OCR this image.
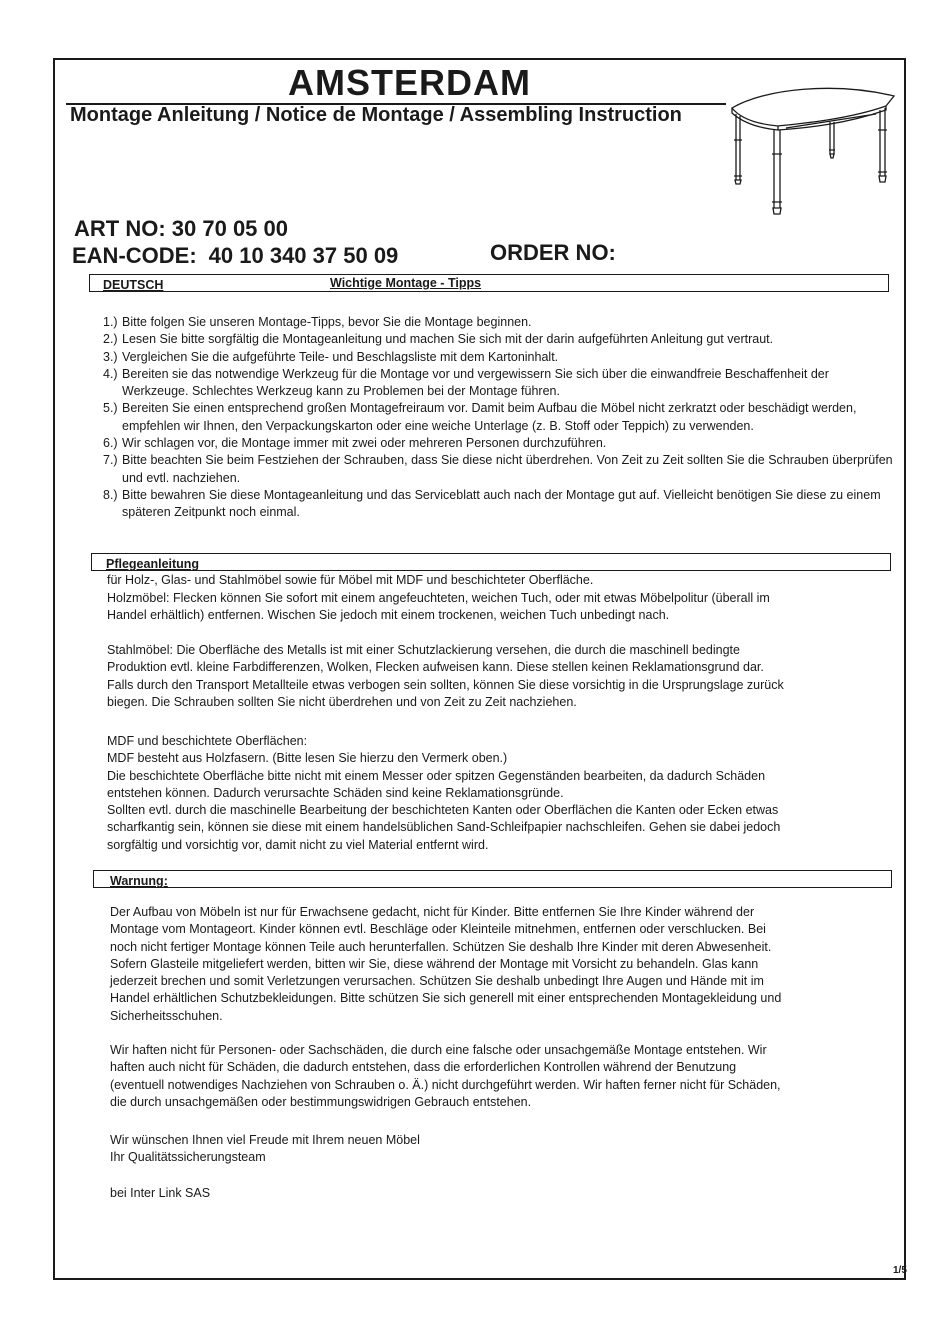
AMSTERDAM
Montage Anleitung / Notice de Montage / Assembling Instruction
ART NO: 30 70 05 00
EAN-CODE: 40 10 340 37 50 09	ORDER NO:
DEUTSCH	Wichtige Montage - Tipps
1.) Bitte folgen Sie unseren Montage-Tipps, bevor Sie die Montage beginnen.
2.) Lesen Sie bitte sorgfältig die Montageanleitung und machen Sie sich mit der darin aufgeführten Anleitung gut vertraut.
3.) Vergleichen Sie die aufgeführte Teile- und Beschlagsliste mit dem Kartoninhalt.
4.) Bereiten sie das notwendige Werkzeug für die Montage vor und vergewissern Sie sich über die einwandfreie Beschaffenheit der Werkzeuge. Schlechtes Werkzeug kann zu Problemen bei der Montage führen.
5.) Bereiten Sie einen entsprechend großen Montagefreiraum vor. Damit beim Aufbau die Möbel nicht zerkratzt oder beschädigt werden, empfehlen wir Ihnen, den Verpackungskarton oder eine weiche Unterlage (z. B. Stoff oder Teppich) zu verwenden.
6.) Wir schlagen vor, die Montage immer mit zwei oder mehreren Personen durchzuführen.
7.) Bitte beachten Sie beim Festziehen der Schrauben, dass Sie diese nicht überdrehen. Von Zeit zu Zeit sollten Sie die Schrauben überprüfen und evtl. nachziehen.
8.) Bitte bewahren Sie diese Montageanleitung und das Serviceblatt auch nach der Montage gut auf. Vielleicht benötigen Sie diese zu einem späteren Zeitpunkt noch einmal.
Pflegeanleitung
für Holz-, Glas- und Stahlmöbel sowie für Möbel mit MDF und beschichteter Oberfläche.
Holzmöbel: Flecken können Sie sofort mit einem angefeuchteten, weichen Tuch, oder mit etwas Möbelpolitur (überall im
Handel erhältlich) entfernen. Wischen Sie jedoch mit einem trockenen, weichen Tuch unbedingt nach.
Stahlmöbel: Die Oberfläche des Metalls ist mit einer Schutzlackierung versehen, die durch die maschinell bedingte
Produktion evtl. kleine Farbdifferenzen, Wolken, Flecken aufweisen kann. Diese stellen keinen Reklamationsgrund dar.
Falls durch den Transport Metallteile etwas verbogen sein sollten, können Sie diese vorsichtig in die Ursprungslage zurück
biegen. Die Schrauben sollten Sie nicht überdrehen und von Zeit zu Zeit nachziehen.
MDF und beschichtete Oberflächen:
MDF besteht aus Holzfasern. (Bitte lesen Sie hierzu den Vermerk oben.)
Die beschichtete Oberfläche bitte nicht mit einem Messer oder spitzen Gegenständen bearbeiten, da dadurch Schäden
entstehen können. Dadurch verursachte Schäden sind keine Reklamationsgründe.
Sollten evtl. durch die maschinelle Bearbeitung der beschichteten Kanten oder Oberflächen die Kanten oder Ecken etwas
scharfkantig sein, können sie diese mit einem handelsüblichen Sand-Schleifpapier nachschleifen. Gehen sie dabei jedoch
sorgfältig und vorsichtig vor, damit nicht zu viel Material entfernt wird.
Warnung:
Der Aufbau von Möbeln ist nur für Erwachsene gedacht, nicht für Kinder. Bitte entfernen Sie Ihre Kinder während der
Montage vom Montageort. Kinder können evtl. Beschläge oder Kleinteile mitnehmen, entfernen oder verschlucken. Bei
noch nicht fertiger Montage können Teile auch herunterfallen. Schützen Sie deshalb Ihre Kinder mit deren Abwesenheit.
Sofern Glasteile mitgeliefert werden, bitten wir Sie, diese während der Montage mit Vorsicht zu behandeln. Glas kann
jederzeit brechen und somit Verletzungen verursachen. Schützen Sie deshalb unbedingt Ihre Augen und Hände mit im
Handel erhältlichen Schutzbekleidungen. Bitte schützen Sie sich generell mit einer entsprechenden Montagekleidung und
Sicherheitsschuhen.
Wir haften nicht für Personen- oder Sachschäden, die durch eine falsche oder unsachgemäße Montage entstehen. Wir
haften auch nicht für Schäden, die dadurch entstehen, dass die erforderlichen Kontrollen während der Benutzung
(eventuell notwendiges Nachziehen von Schrauben o. Ä.) nicht durchgeführt werden. Wir haften ferner nicht für Schäden,
die durch unsachgemäßen oder bestimmungswidrigen Gebrauch entstehen.
Wir wünschen Ihnen viel Freude mit Ihrem neuen Möbel
Ihr Qualitätssicherungsteam
bei Inter Link SAS
1/5
